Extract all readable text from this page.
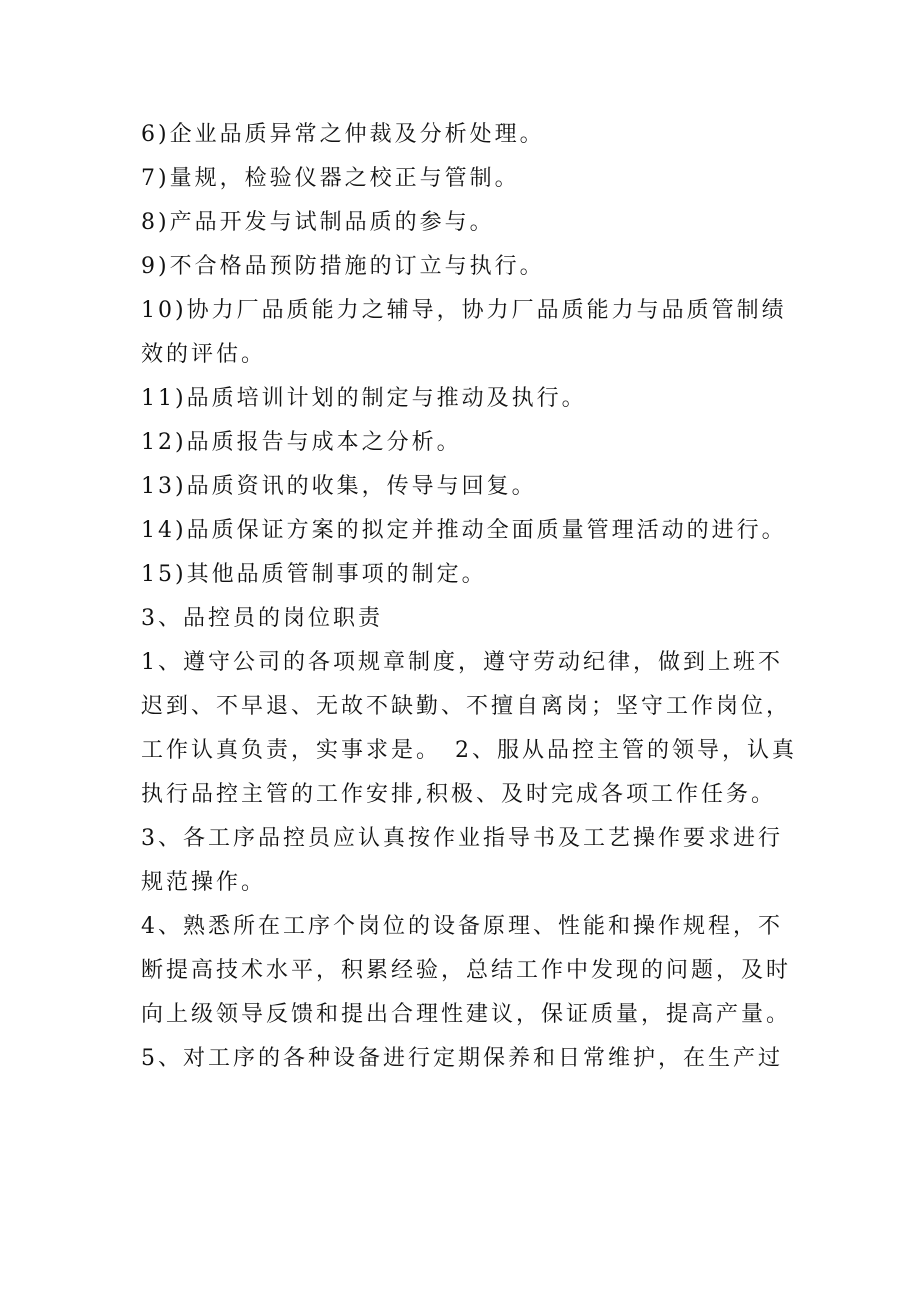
6)企业品质异常之仲裁及分析处理。

7)量规，检验仪器之校正与管制。

8)产品开发与试制品质的参与。

9)不合格品预防措施的订立与执行。

10)协力厂品质能力之辅导，协力厂品质能力与品质管制绩效的评估。

11)品质培训计划的制定与推动及执行。

12)品质报告与成本之分析。

13)品质资讯的收集，传导与回复。

14)品质保证方案的拟定并推动全面质量管理活动的进行。

15)其他品质管制事项的制定。

3、品控员的岗位职责

1、遵守公司的各项规章制度，遵守劳动纪律，做到上班不迟到、不早退、无故不缺勤、不擅自离岗；坚守工作岗位，工作认真负责，实事求是。　2、服从品控主管的领导，认真执行品控主管的工作安排,积极、及时完成各项工作任务。

3、各工序品控员应认真按作业指导书及工艺操作要求进行规范操作。

4、熟悉所在工序个岗位的设备原理、性能和操作规程，不断提高技术水平，积累经验，总结工作中发现的问题，及时向上级领导反馈和提出合理性建议，保证质量，提高产量。

5、对工序的各种设备进行定期保养和日常维护，在生产过
